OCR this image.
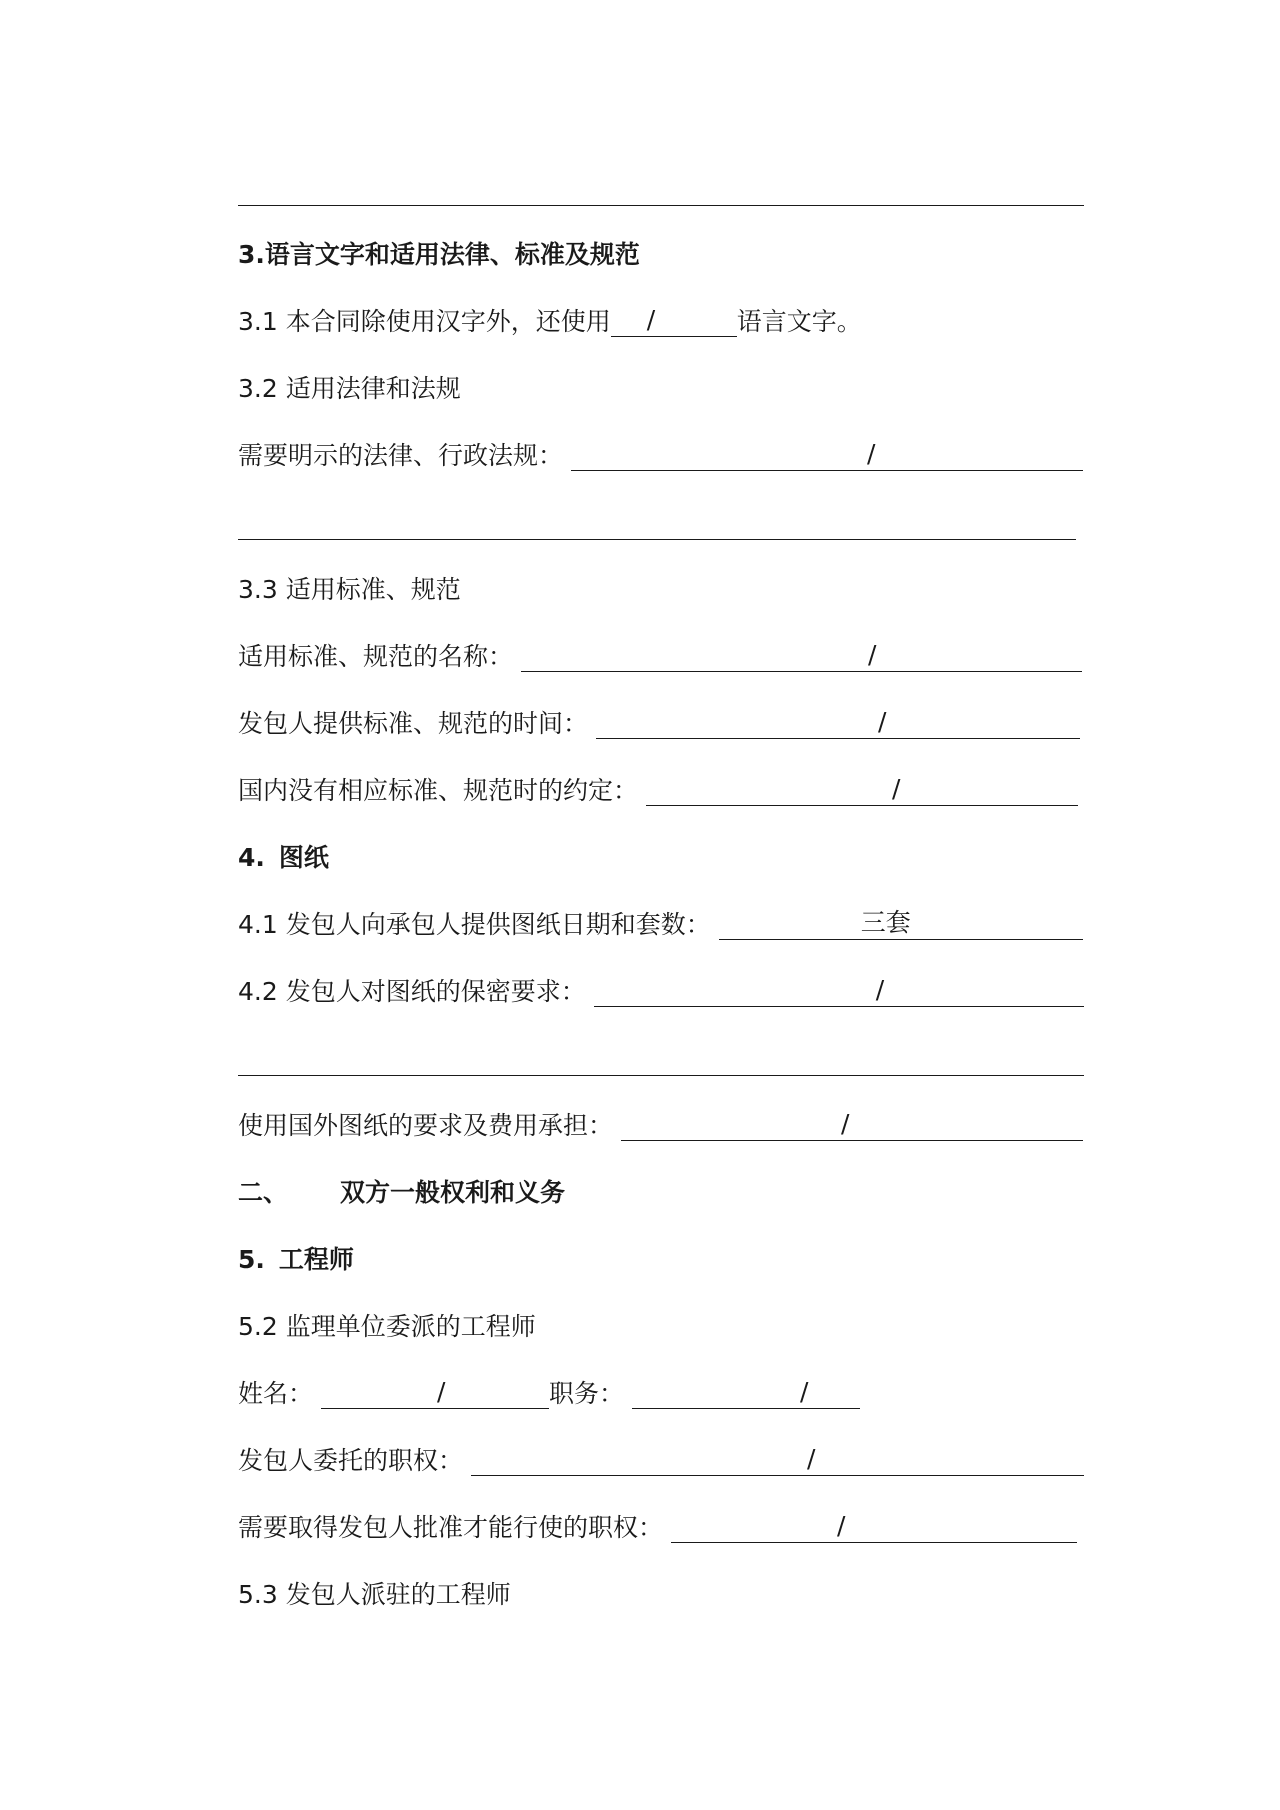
3.语言文字和适用法律、标准及规范
3.1 本合同除使用汉字外，还使用 /	语言文字。
3.2 适用法律和法规
需要明示的法律、行政法规：	/
3.3 适用标准、规范
适用标准、规范的名称：	/
发包人提供标准、规范的时间：	/
国内没有相应标准、规范时的约定：	/
4. 图纸
4.1 发包人向承包人提供图纸日期和套数：	三套
4.2 发包人对图纸的保密要求：	/
使用国外图纸的要求及费用承担：	/
二、 双方一般权利和义务
5. 工程师
5.2 监理单位委派的工程师
姓名：	/	职务：	/
发包人委托的职权：	/
需要取得发包人批准才能行使的职权：	/
5.3 发包人派驻的工程师
